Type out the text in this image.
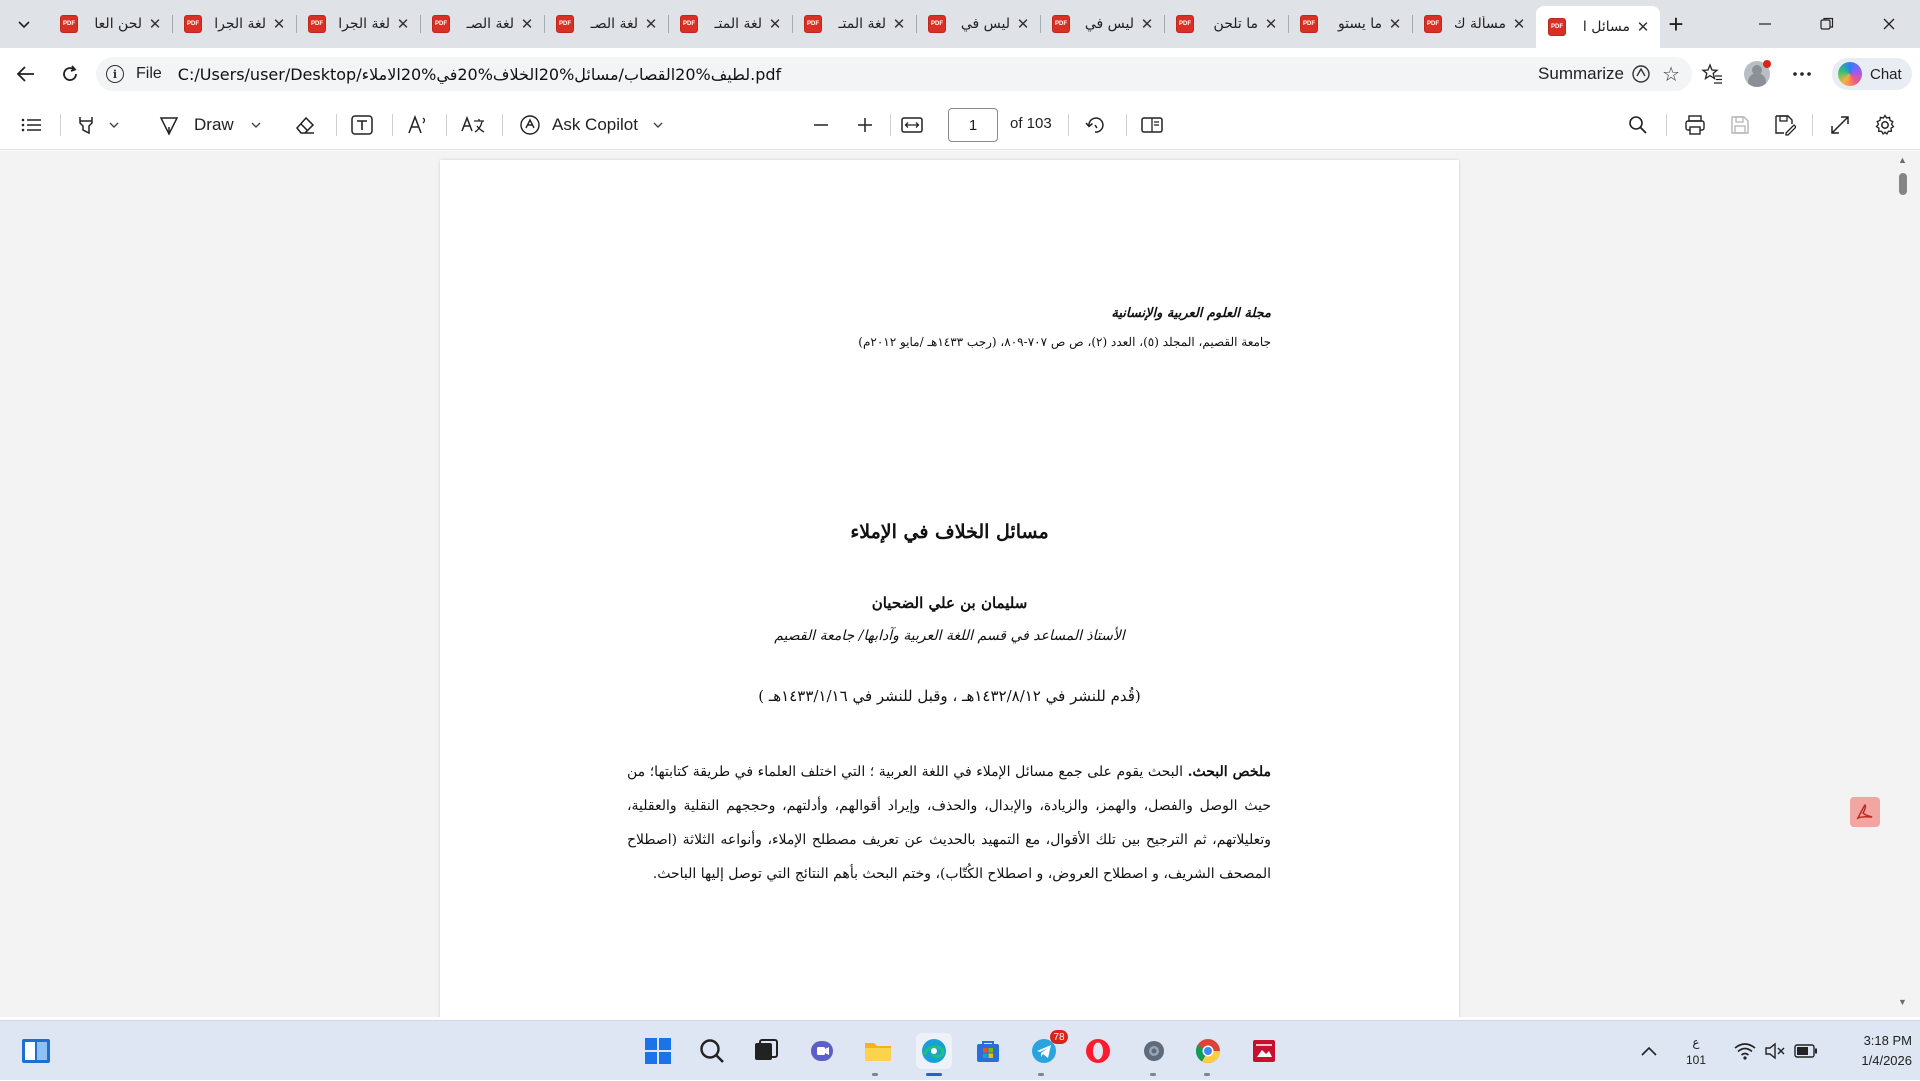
PDF	لحن العا ✕	PDF	لغة الجرا ✕	PDF	لغة الجرا ✕	PDF	لغة الصـ ✕	PDF	لغة الصـ ✕	PDF	لغة المتـ ✕	PDF	لغة المتـ ✕	PDF	ليس في ✕	PDF	ليس في ✕	PDF	ما تلحن ✕	PDF	ما يستو ✕	PDF	مسألة ك ✕	PDF	مسائل ا ✕ +
i	File C:/Users/user/Desktop/لطيف%20القصاب/مسائل%20الخلاف%20في%20الاملاء.pdf	Summarize ☆	Chat
Draw	Ask Copilot	1	of 103
مجلة العلوم العربية والإنسانية
جامعة القصيم، المجلد (٥)، العدد (٢)، ص ص ٧٠٧-٨٠٩، (رجب ١٤٣٣هـ /مايو ٢٠١٢م)
مسائل الخلاف في الإملاء
سليمان بن علي الضحيان
الأستاذ المساعد في قسم اللغة العربية وآدابها/ جامعة القصيم
(قُدم للنشر في ١٤٣٢/٨/١٢هـ ، وقبل للنشر في ١٤٣٣/١/١٦هـ )
ملخص البحث. البحث يقوم على جمع مسائل الإملاء في اللغة العربية ؛ التي اختلف العلماء في طريقة كتابتها؛ من حيث الوصل والفصل، والهمز، والزيادة، والإبدال، والحذف، وإيراد أقوالهم، وأدلتهم، وحججهم النقلية والعقلية، وتعليلاتهم، ثم الترجيح بين تلك الأقوال، مع التمهيد بالحديث عن تعريف مصطلح الإملاء، وأنواعه الثلاثة (اصطلاح المصحف الشريف، و اصطلاح العروض، و اصطلاح الكُتّاب)، وختم البحث بأهم النتائج التي توصل إليها الباحث.
▲
▼
78	ع
101
3:18 PM
1/4/2026
